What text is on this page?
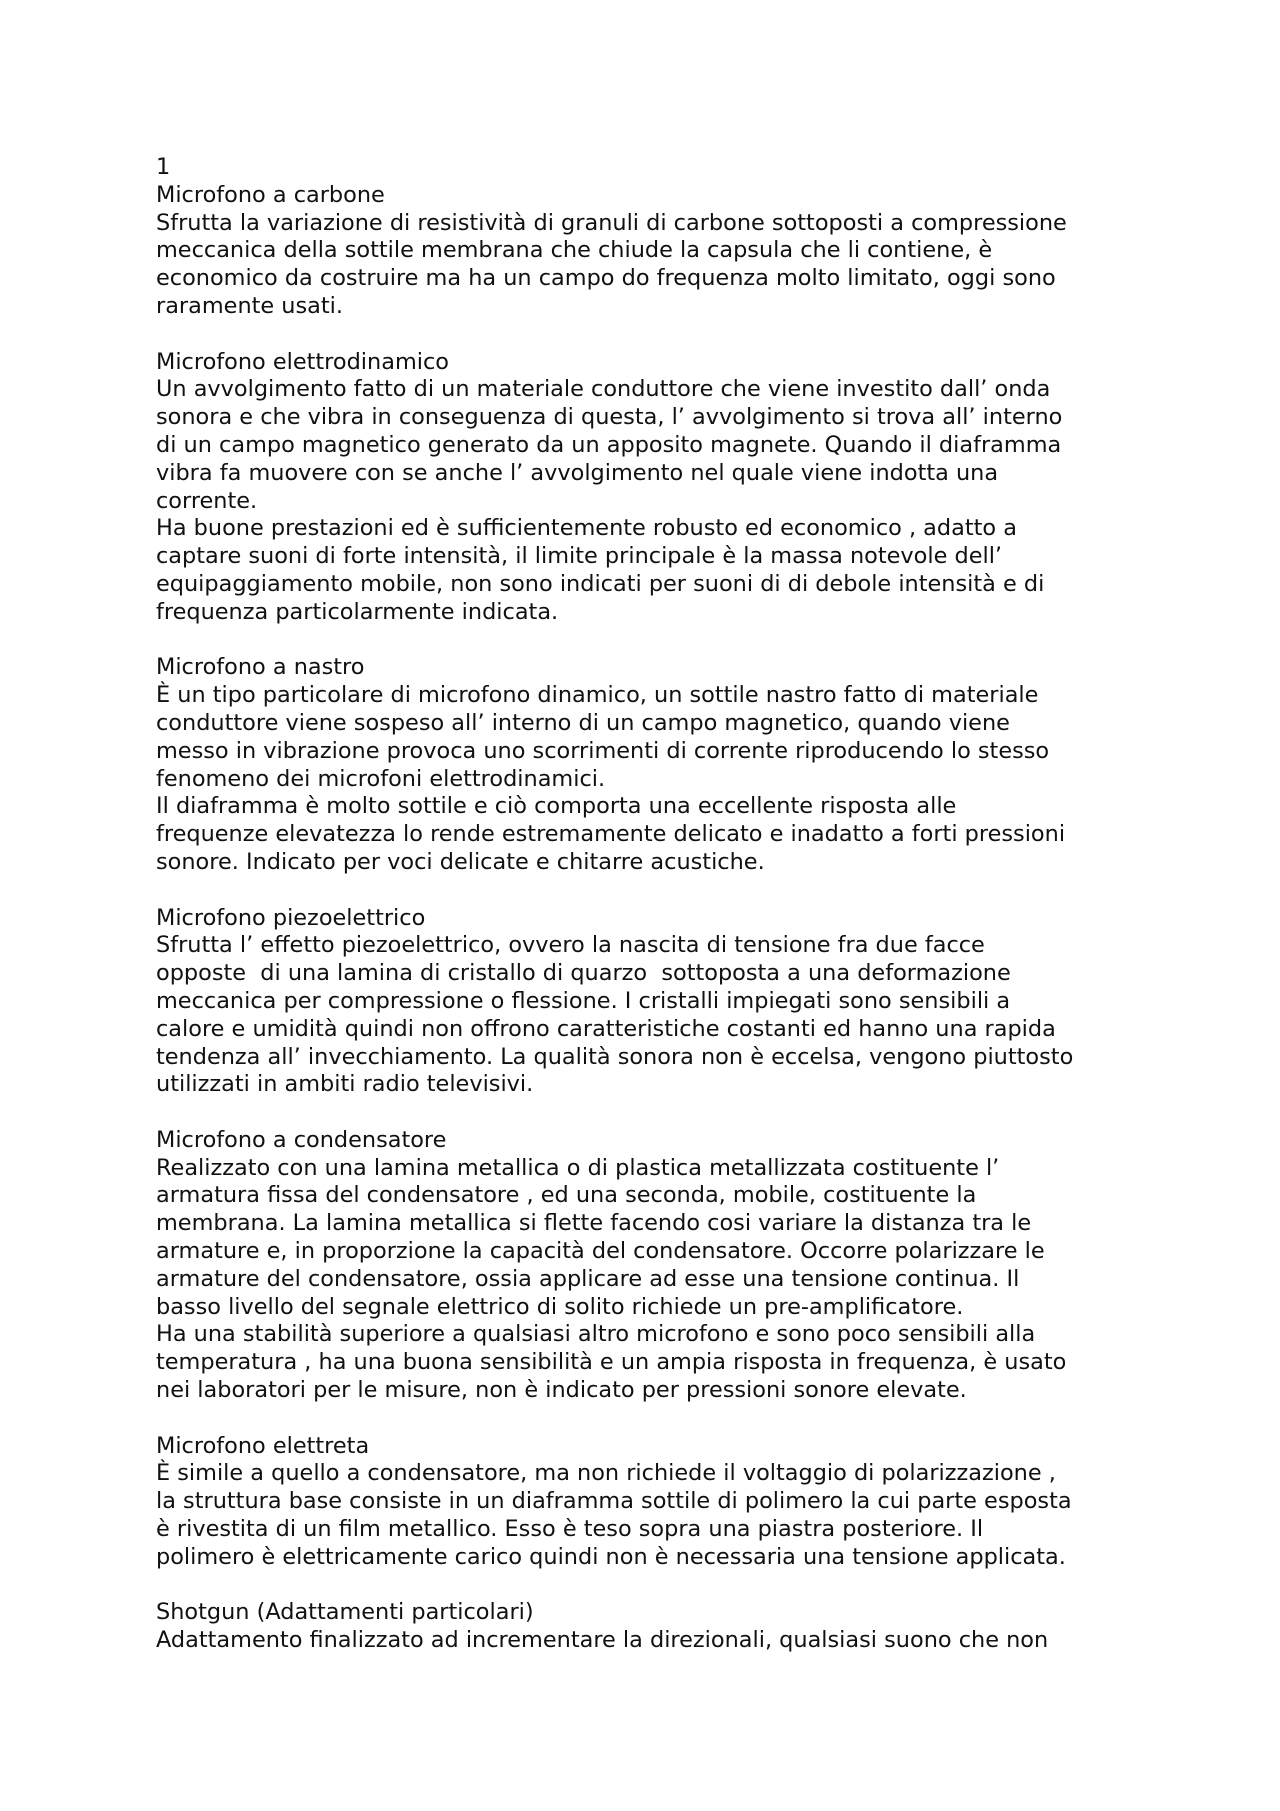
1
Microfono a carbone
Sfrutta la variazione di resistività di granuli di carbone sottoposti a compressione
meccanica della sottile membrana che chiude la capsula che li contiene, è
economico da costruire ma ha un campo do frequenza molto limitato, oggi sono
raramente usati.
Microfono elettrodinamico
Un avvolgimento fatto di un materiale conduttore che viene investito dall’ onda
sonora e che vibra in conseguenza di questa, l’ avvolgimento si trova all’ interno
di un campo magnetico generato da un apposito magnete. Quando il diaframma
vibra fa muovere con se anche l’ avvolgimento nel quale viene indotta una
corrente.
Ha buone prestazioni ed è sufficientemente robusto ed economico , adatto a
captare suoni di forte intensità, il limite principale è la massa notevole dell’
equipaggiamento mobile, non sono indicati per suoni di di debole intensità e di
frequenza particolarmente indicata.
Microfono a nastro
È un tipo particolare di microfono dinamico, un sottile nastro fatto di materiale
conduttore viene sospeso all’ interno di un campo magnetico, quando viene
messo in vibrazione provoca uno scorrimenti di corrente riproducendo lo stesso
fenomeno dei microfoni elettrodinamici.
Il diaframma è molto sottile e ciò comporta una eccellente risposta alle
frequenze elevatezza lo rende estremamente delicato e inadatto a forti pressioni
sonore. Indicato per voci delicate e chitarre acustiche.
Microfono piezoelettrico
Sfrutta l’ effetto piezoelettrico, ovvero la nascita di tensione fra due facce
opposte  di una lamina di cristallo di quarzo  sottoposta a una deformazione
meccanica per compressione o flessione. I cristalli impiegati sono sensibili a
calore e umidità quindi non offrono caratteristiche costanti ed hanno una rapida
tendenza all’ invecchiamento. La qualità sonora non è eccelsa, vengono piuttosto
utilizzati in ambiti radio televisivi.
Microfono a condensatore
Realizzato con una lamina metallica o di plastica metallizzata costituente l’
armatura fissa del condensatore , ed una seconda, mobile, costituente la
membrana. La lamina metallica si flette facendo cosi variare la distanza tra le
armature e, in proporzione la capacità del condensatore. Occorre polarizzare le
armature del condensatore, ossia applicare ad esse una tensione continua. Il
basso livello del segnale elettrico di solito richiede un pre-amplificatore.
Ha una stabilità superiore a qualsiasi altro microfono e sono poco sensibili alla
temperatura , ha una buona sensibilità e un ampia risposta in frequenza, è usato
nei laboratori per le misure, non è indicato per pressioni sonore elevate.
Microfono elettreta
È simile a quello a condensatore, ma non richiede il voltaggio di polarizzazione ,
la struttura base consiste in un diaframma sottile di polimero la cui parte esposta
è rivestita di un film metallico. Esso è teso sopra una piastra posteriore. Il
polimero è elettricamente carico quindi non è necessaria una tensione applicata.
Shotgun (Adattamenti particolari)
Adattamento finalizzato ad incrementare la direzionali, qualsiasi suono che non
